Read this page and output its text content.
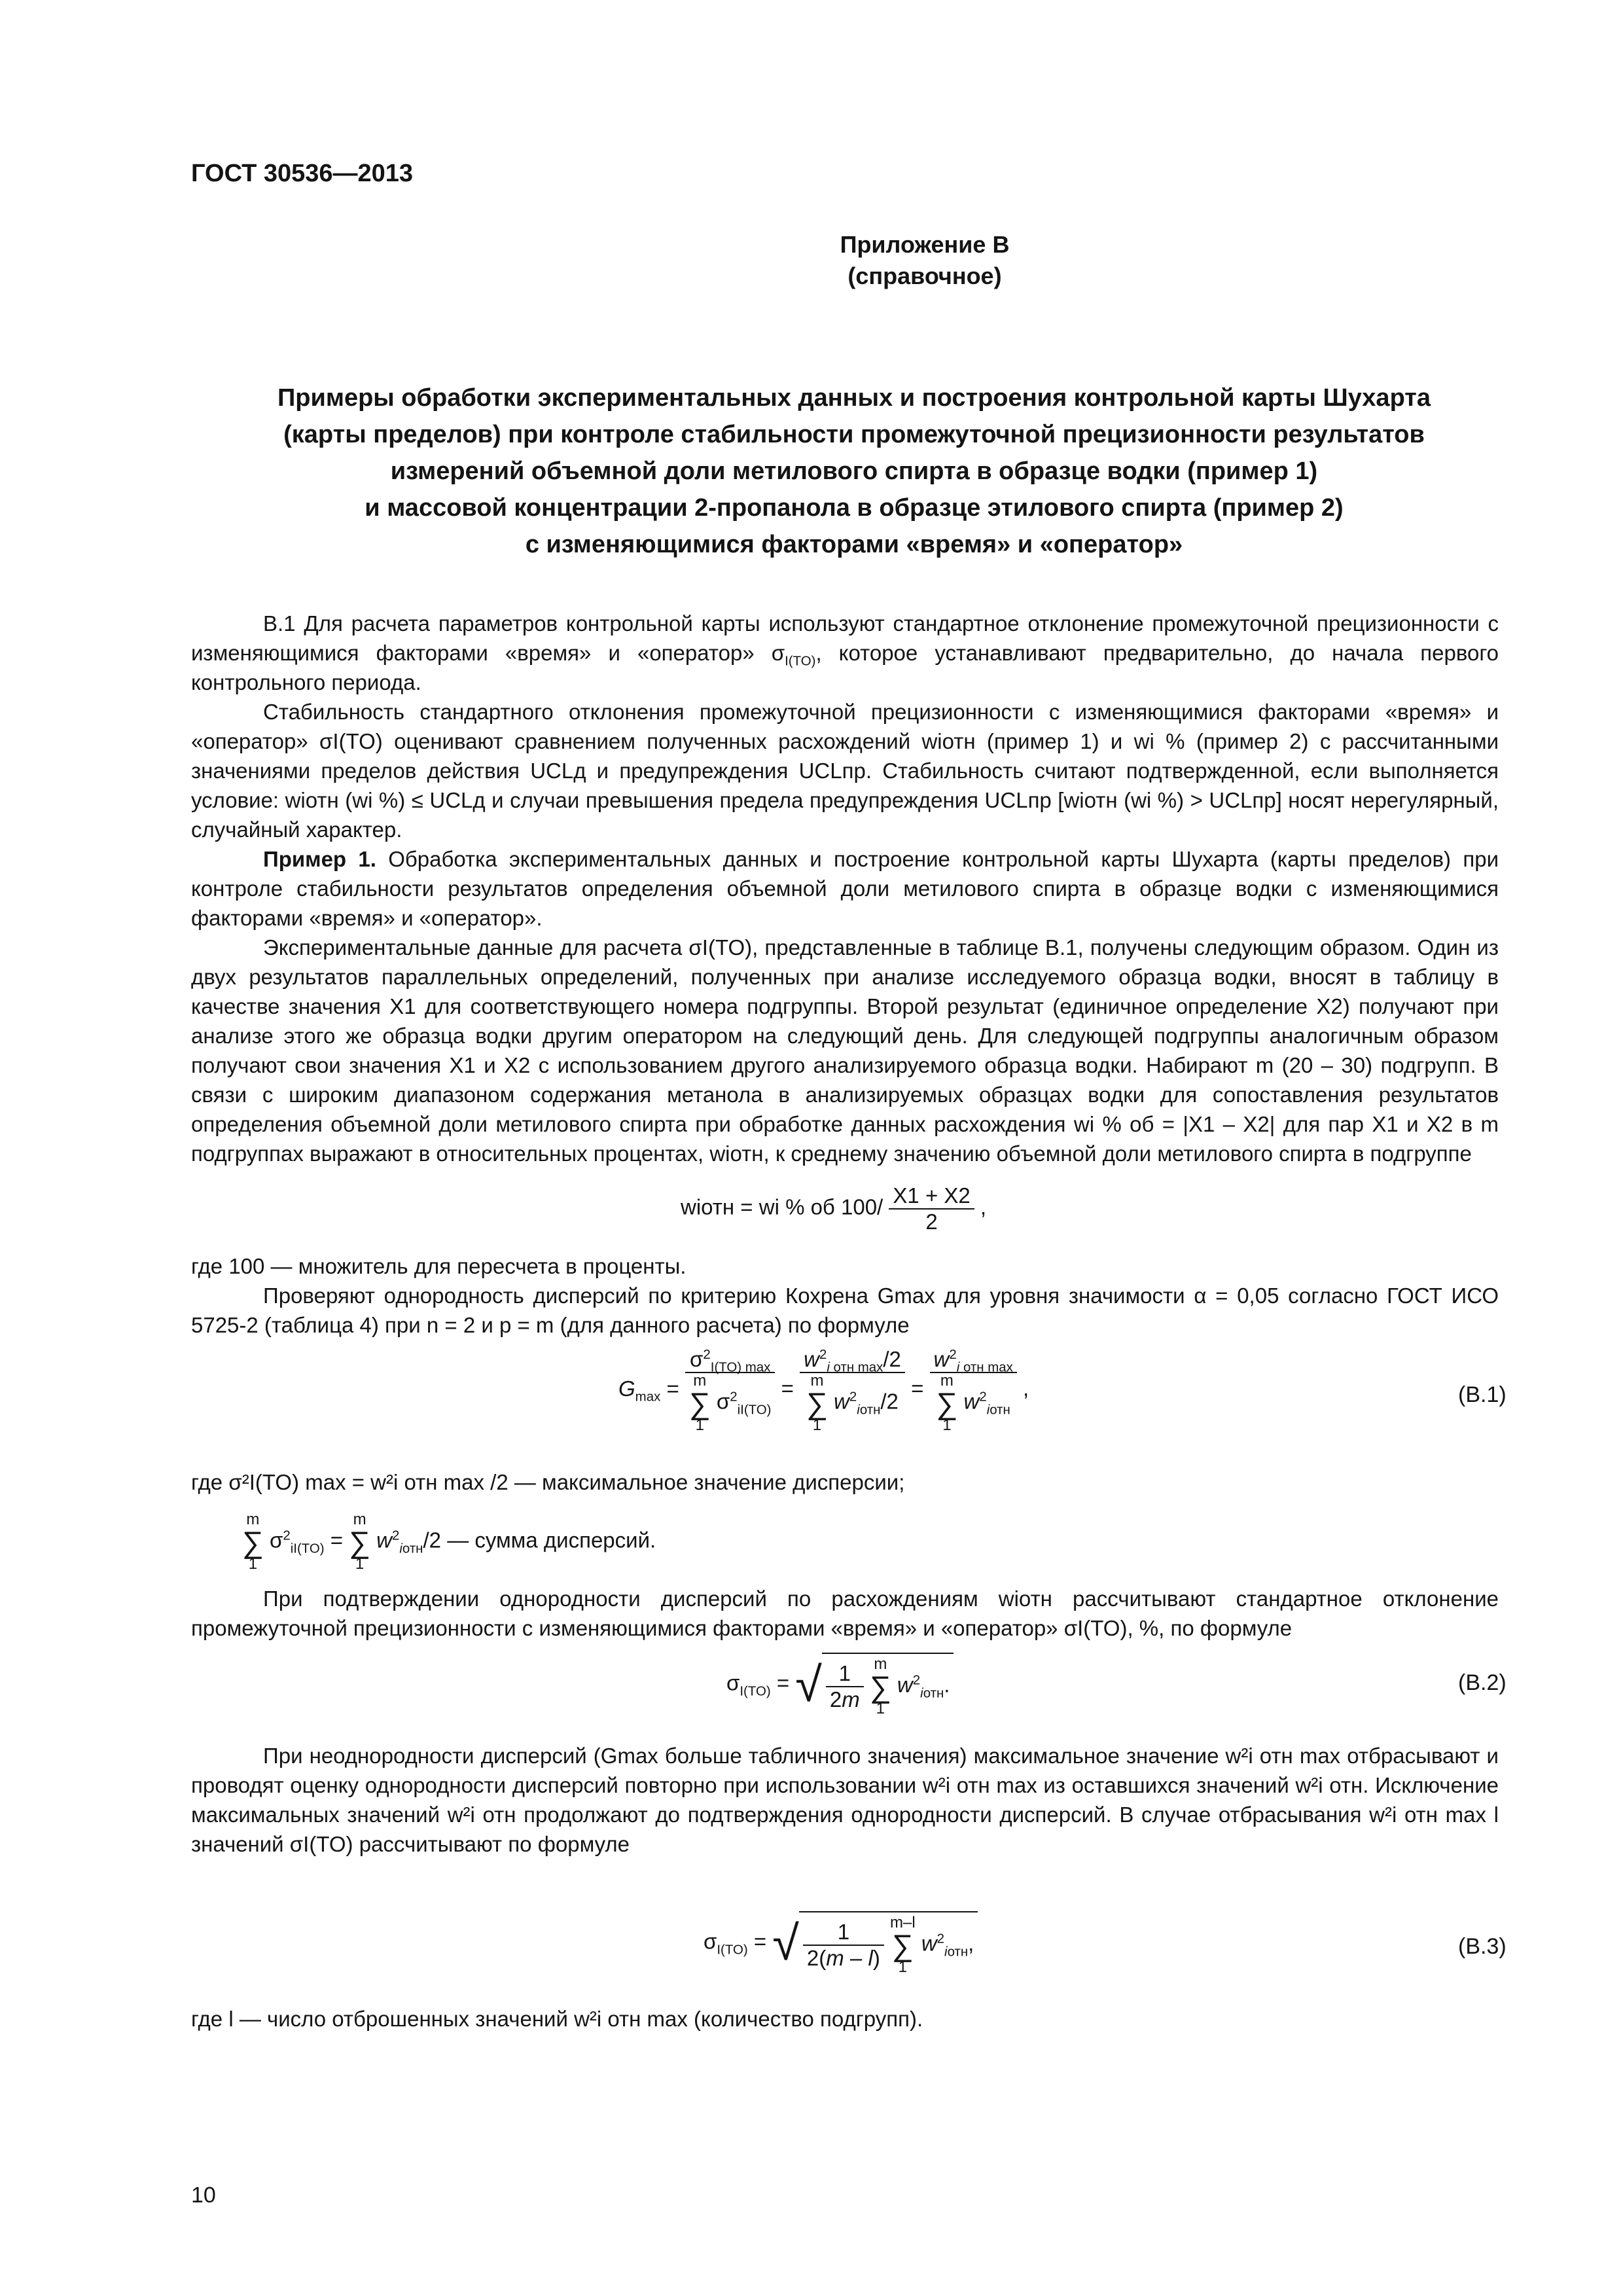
ГОСТ 30536—2013
Приложение В
(справочное)
Примеры обработки экспериментальных данных и построения контрольной карты Шухарта
(карты пределов) при контроле стабильности промежуточной прецизионности результатов
измерений объемной доли метилового спирта в образце водки (пример 1)
и массовой концентрации 2-пропанола в образце этилового спирта (пример 2)
с изменяющимися факторами «время» и «оператор»

В.1 Для расчета параметров контрольной карты используют стандартное отклонение промежуточной прецизионности с изменяющимися факторами «время» и «оператор» $\sigma_{I(TO)}$, которое устанавливают предварительно, до начала первого контрольного периода.

Стабильность стандартного отклонения промежуточной прецизионности с изменяющимися факторами «время» и «оператор» σI(TO) оценивают сравнением полученных расхождений wiотн (пример 1) и wi % (пример 2) с рассчитанными значениями пределов действия UCLд и предупреждения UCLпр. Стабильность считают подтвержденной, если выполняется условие: wiотн (wi %) ≤ UCLд и случаи превышения предела предупреждения UCLпр [wiотн (wi %) > UCLпр] носят нерегулярный, случайный характер.

Пример 1. Обработка экспериментальных данных и построение контрольной карты Шухарта (карты пределов) при контроле стабильности результатов определения объемной доли метилового спирта в образце водки с изменяющимися факторами «время» и «оператор».

Экспериментальные данные для расчета σI(TO), представленные в таблице В.1, получены следующим образом. Один из двух результатов параллельных определений, полученных при анализе исследуемого образца водки, вносят в таблицу в качестве значения X1 для соответствующего номера подгруппы. Второй результат (единичное определение X2) получают при анализе этого же образца водки другим оператором на следующий день. Для следующей подгруппы аналогичным образом получают свои значения X1 и X2 с использованием другого анализируемого образца водки. Набирают m (20 – 30) подгрупп. В связи с широким диапазоном содержания метанола в анализируемых образцах водки для сопоставления результатов определения объемной доли метилового спирта при обработке данных расхождения wi % об = |X1 – X2| для пар X1 и X2 в m подгруппах выражают в относительных процентах, wiотн, к среднему значению объемной доли метилового спирта в подгруппе

wiотн = wi % об $100/ \frac{X1 + X2}{2}$ ,

где 100 — множитель для пересчета в проценты.

Проверяют однородность дисперсий по критерию Кохрена Gmax для уровня значимости α = 0,05 согласно ГОСТ ИСО 5725-2 (таблица 4) при n = 2 и p = m (для данного расчета) по формуле

$G_{max} = \sigma^2_{I(TO) max}$
m
∑
1 $\sigma^2_{iI(TO)} = w^2_{i отн max}/2$
m
∑
1 $w^2_{iотн}/2 = w^2_{i отн max}$
m
∑
1 $w^2_{iотн}$ ,	(В.1)
где σ²I(TO) max = w²i отн max /2 — максимальное значение дисперсии;
m
∑
1 $\sigma^2_{iI(TO)} = m$
∑
1 $w^2_{iотн}/2$ — сумма дисперсий.

При подтверждении однородности дисперсий по расхождениям wiотн рассчитывают стандартное отклонение промежуточной прецизионности с изменяющимися факторами «время» и «оператор» σI(TO), %, по формуле

$\sigma_{I(TO)}$ = √ $\frac{1}{2m}$ m
∑
1 $w^2_{iотн}$.	(В.2)

При неоднородности дисперсий (Gmax больше табличного значения) максимальное значение w²i отн max отбрасывают и проводят оценку однородности дисперсий повторно при использовании w²i отн max из оставшихся значений w²i отн. Исключение максимальных значений w²i отн продолжают до подтверждения однородности дисперсий. В случае отбрасывания w²i отн max l значений σI(TO) рассчитывают по формуле

$\sigma_{I(TO)}$ = √ $\frac{1}{2(m - l)} m-l$
∑
1 $w^2_{iотн}$,	(В.3)

где l — число отброшенных значений w²i отн max (количество подгрупп).

10
